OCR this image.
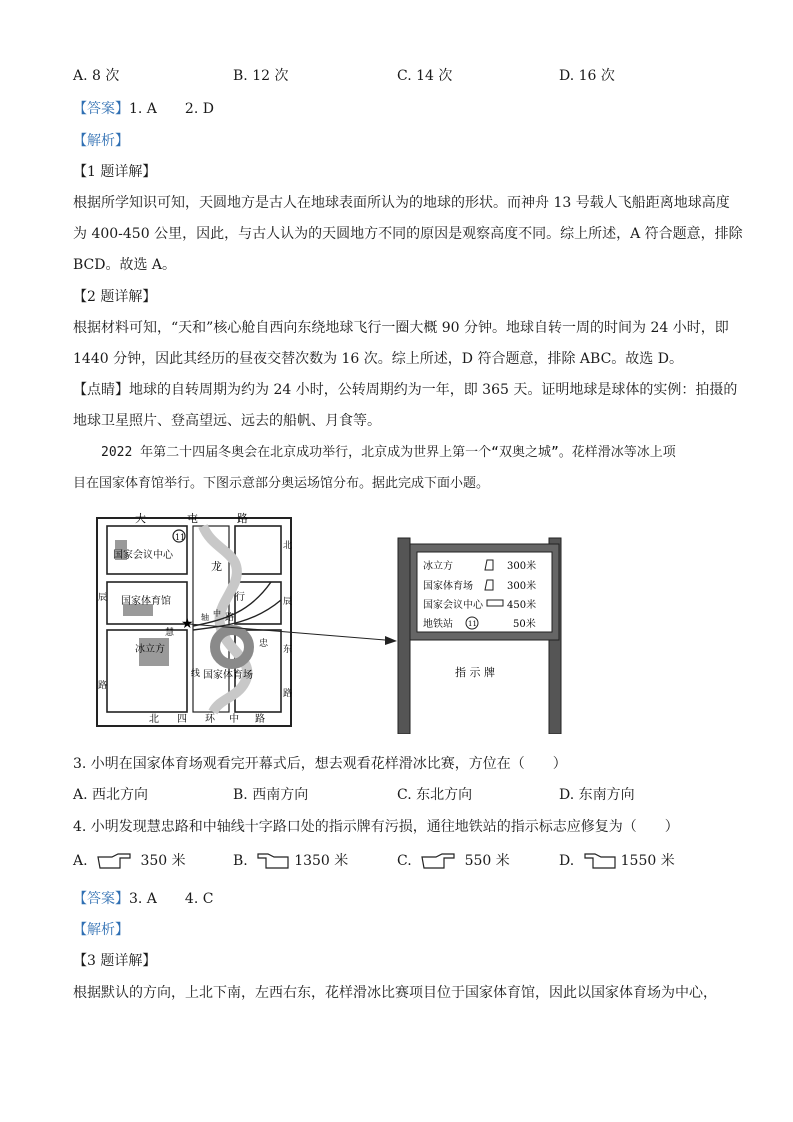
A. 8 次	B. 12 次	C. 14 次	D. 16 次
【答案】1. A　　2. D
【解析】
【1 题详解】
根据所学知识可知，天圆地方是古人在地球表面所认为的地球的形状。而神舟 13 号载人飞船距离地球高度
为 400-450 公里，因此，与古人认为的天圆地方不同的原因是观察高度不同。综上所述，A 符合题意，排除
BCD。故选 A。
【2 题详解】
根据材料可知，“天和”核心舱自西向东绕地球飞行一圈大概 90 分钟。地球自转一周的时间为 24 小时，即
1440 分钟，因此其经历的昼夜交替次数为 16 次。综上所述，D 符合题意，排除 ABC。故选 D。
【点睛】地球的自转周期为约为 24 小时，公转周期约为一年，即 365 天。证明地球是球体的实例：拍摄的
地球卫星照片、登高望远、远去的船帆、月食等。
2022 年第二十四届冬奥会在北京成功举行，北京成为世界上第一个“双奥之城”。花样滑冰等冰上项
目在国家体育馆举行。下图示意部分奥运场馆分布。据此完成下面小题。
★
大	屯	路
11
国家会议中心
国家体育馆
冰立方
国家体育场
龙
行
中
轴
线
慧
路
忠
北
辰
东
路
辰
路
北 四 环 中 路
冰立方	300米
国家体育场	300米
国家会议中心 450米
地铁站 11	50米
指 示 牌
3. 小明在国家体育场观看完开幕式后，想去观看花样滑冰比赛，方位在（　　）
A. 西北方向	B. 西南方向	C. 东北方向	D. 东南方向
4. 小明发现慧忠路和中轴线十字路口处的指示牌有污损，通往地铁站的指示标志应修复为（　　）
A.	350 米	B.	1350 米	C.	550 米	D.	1550 米
【答案】3. A　　4. C
【解析】
【3 题详解】
根据默认的方向，上北下南，左西右东，花样滑冰比赛项目位于国家体育馆，因此以国家体育场为中心，
